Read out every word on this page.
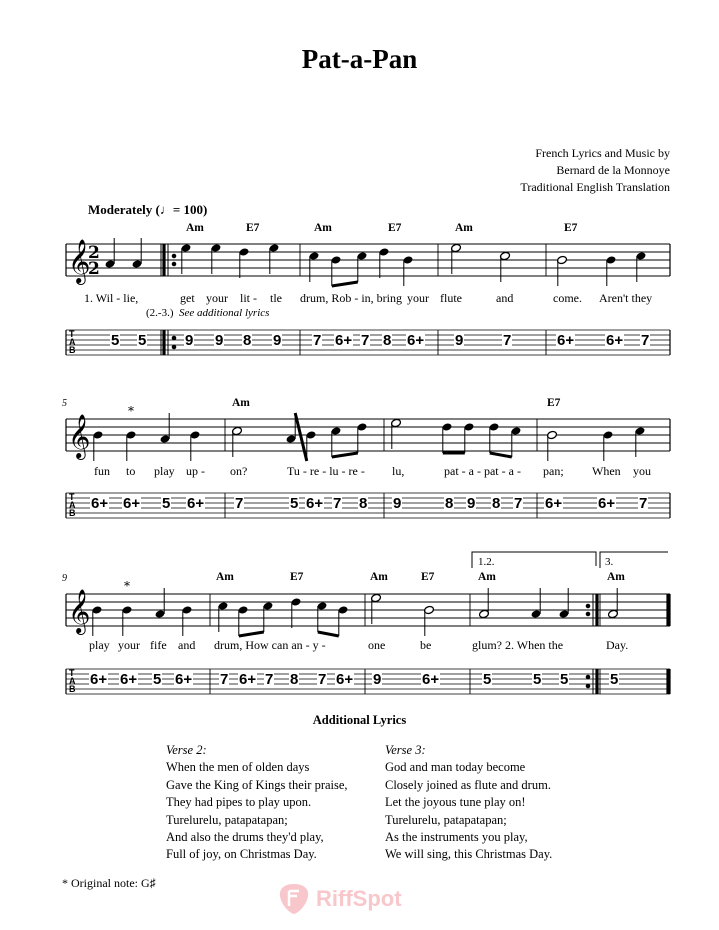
Pat-a-Pan
French Lyrics and Music by
Bernard de la Monnoye
Traditional English Translation
Moderately (♩= 100)
𝄞
T
A
B
𝄞
T
A
B
𝄞
T
A
B
2
2
Am	E7	Am	E7	Am	E7
Am	E7
Am	E7	Am	E7	Am	Am
1. Wil - lie,	get your lit - tle drum, Rob - in, bring your flute	and	come. Aren't they
fun to play up - on?	Tu - re - lu - re - lu,	pat - a - pat - a - pan; When you
play your fife and drum, How can an - y -	one	be	glum? 2. When the	Day.
5 5	9 9 8 9 7 6+ 7 8 6+ 9	7	6+ 6+ 7
6+ 6+ 5 6+ 7	5 6+ 7 8 9	8 9 8 7 6+ 6+ 7
6+ 6+ 5 6+ 7 6+ 7 8 7 6+ 9	6+	5	5 5	5
(2.-3.) See additional lyrics
5
9
*
*
1.2.	3.
Additional Lyrics
Verse 2:
When the men of olden days
Gave the King of Kings their praise,
They had pipes to play upon.
Turelurelu, patapatapan;
And also the drums they'd play,
Full of joy, on Christmas Day.
Verse 3:
God and man today become
Closely joined as flute and drum.
Let the joyous tune play on!
Turelurelu, patapatapan;
As the instruments you play,
We will sing, this Christmas Day.
* Original note: G♯
RiffSpot
